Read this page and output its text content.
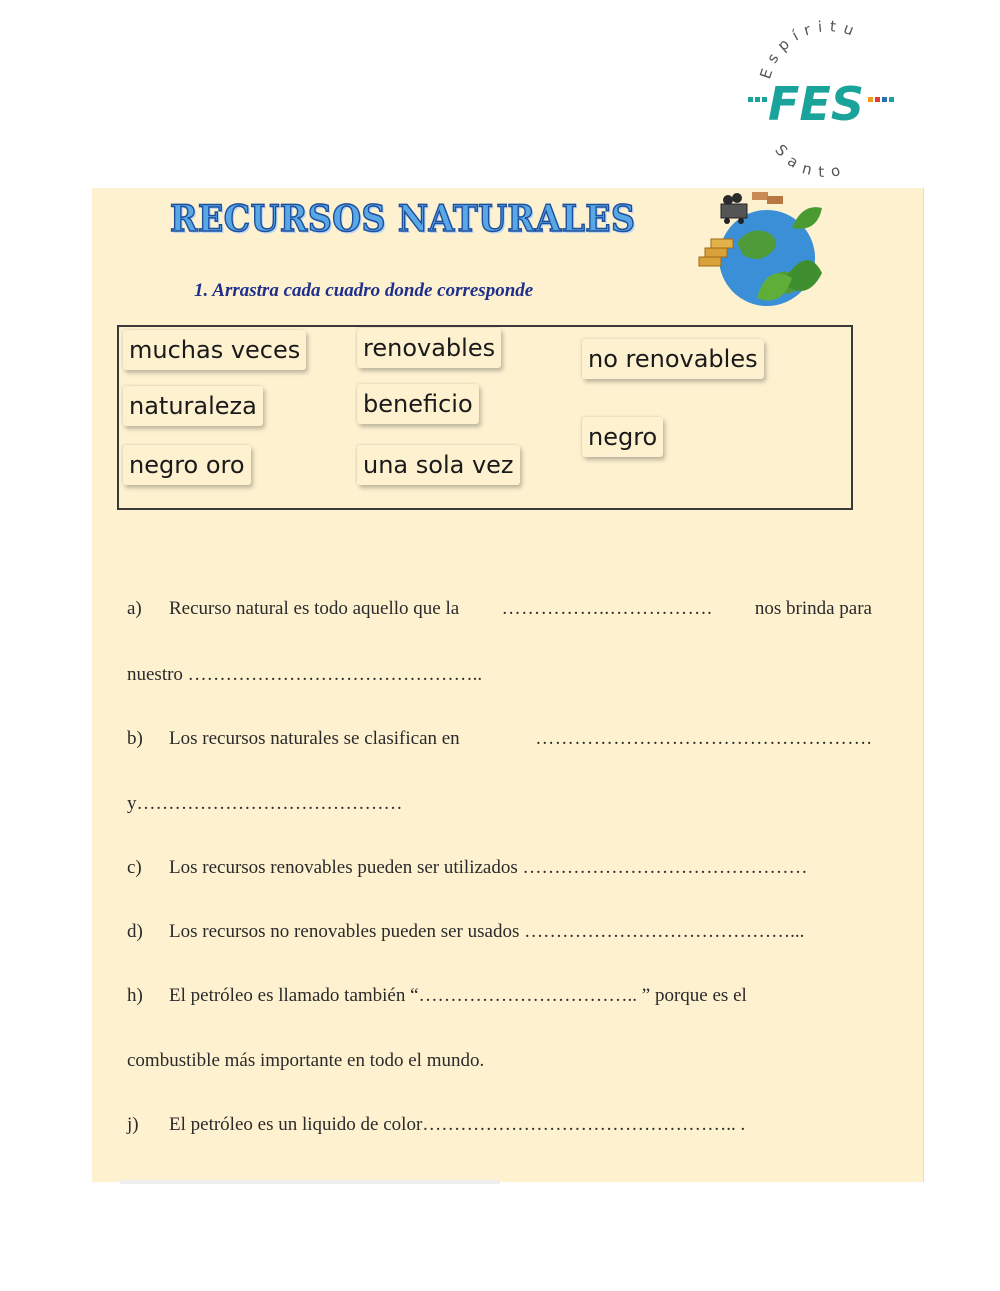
Espíritu
Santo
FES
RECURSOS NATURALES
1. Arrastra cada cuadro donde corresponde
muchas veces	renovables	no renovables
naturaleza	beneficio
negro
negro oro	una sola vez
a) Recurso natural es todo aquello que la ……………..……………. nos brinda para
nuestro ………………………………………..
b) Los recursos naturales se clasifican en	…………………………………………….
y……………………………………
c) Los recursos renovables pueden ser utilizados ………………………………………
d) Los recursos no renovables pueden ser usados ……………………………………...
h) El petróleo es llamado también “…………………………….. ” porque es el
combustible más importante en todo el mundo.
j) El petróleo es un liquido de color………………………………………….. .
